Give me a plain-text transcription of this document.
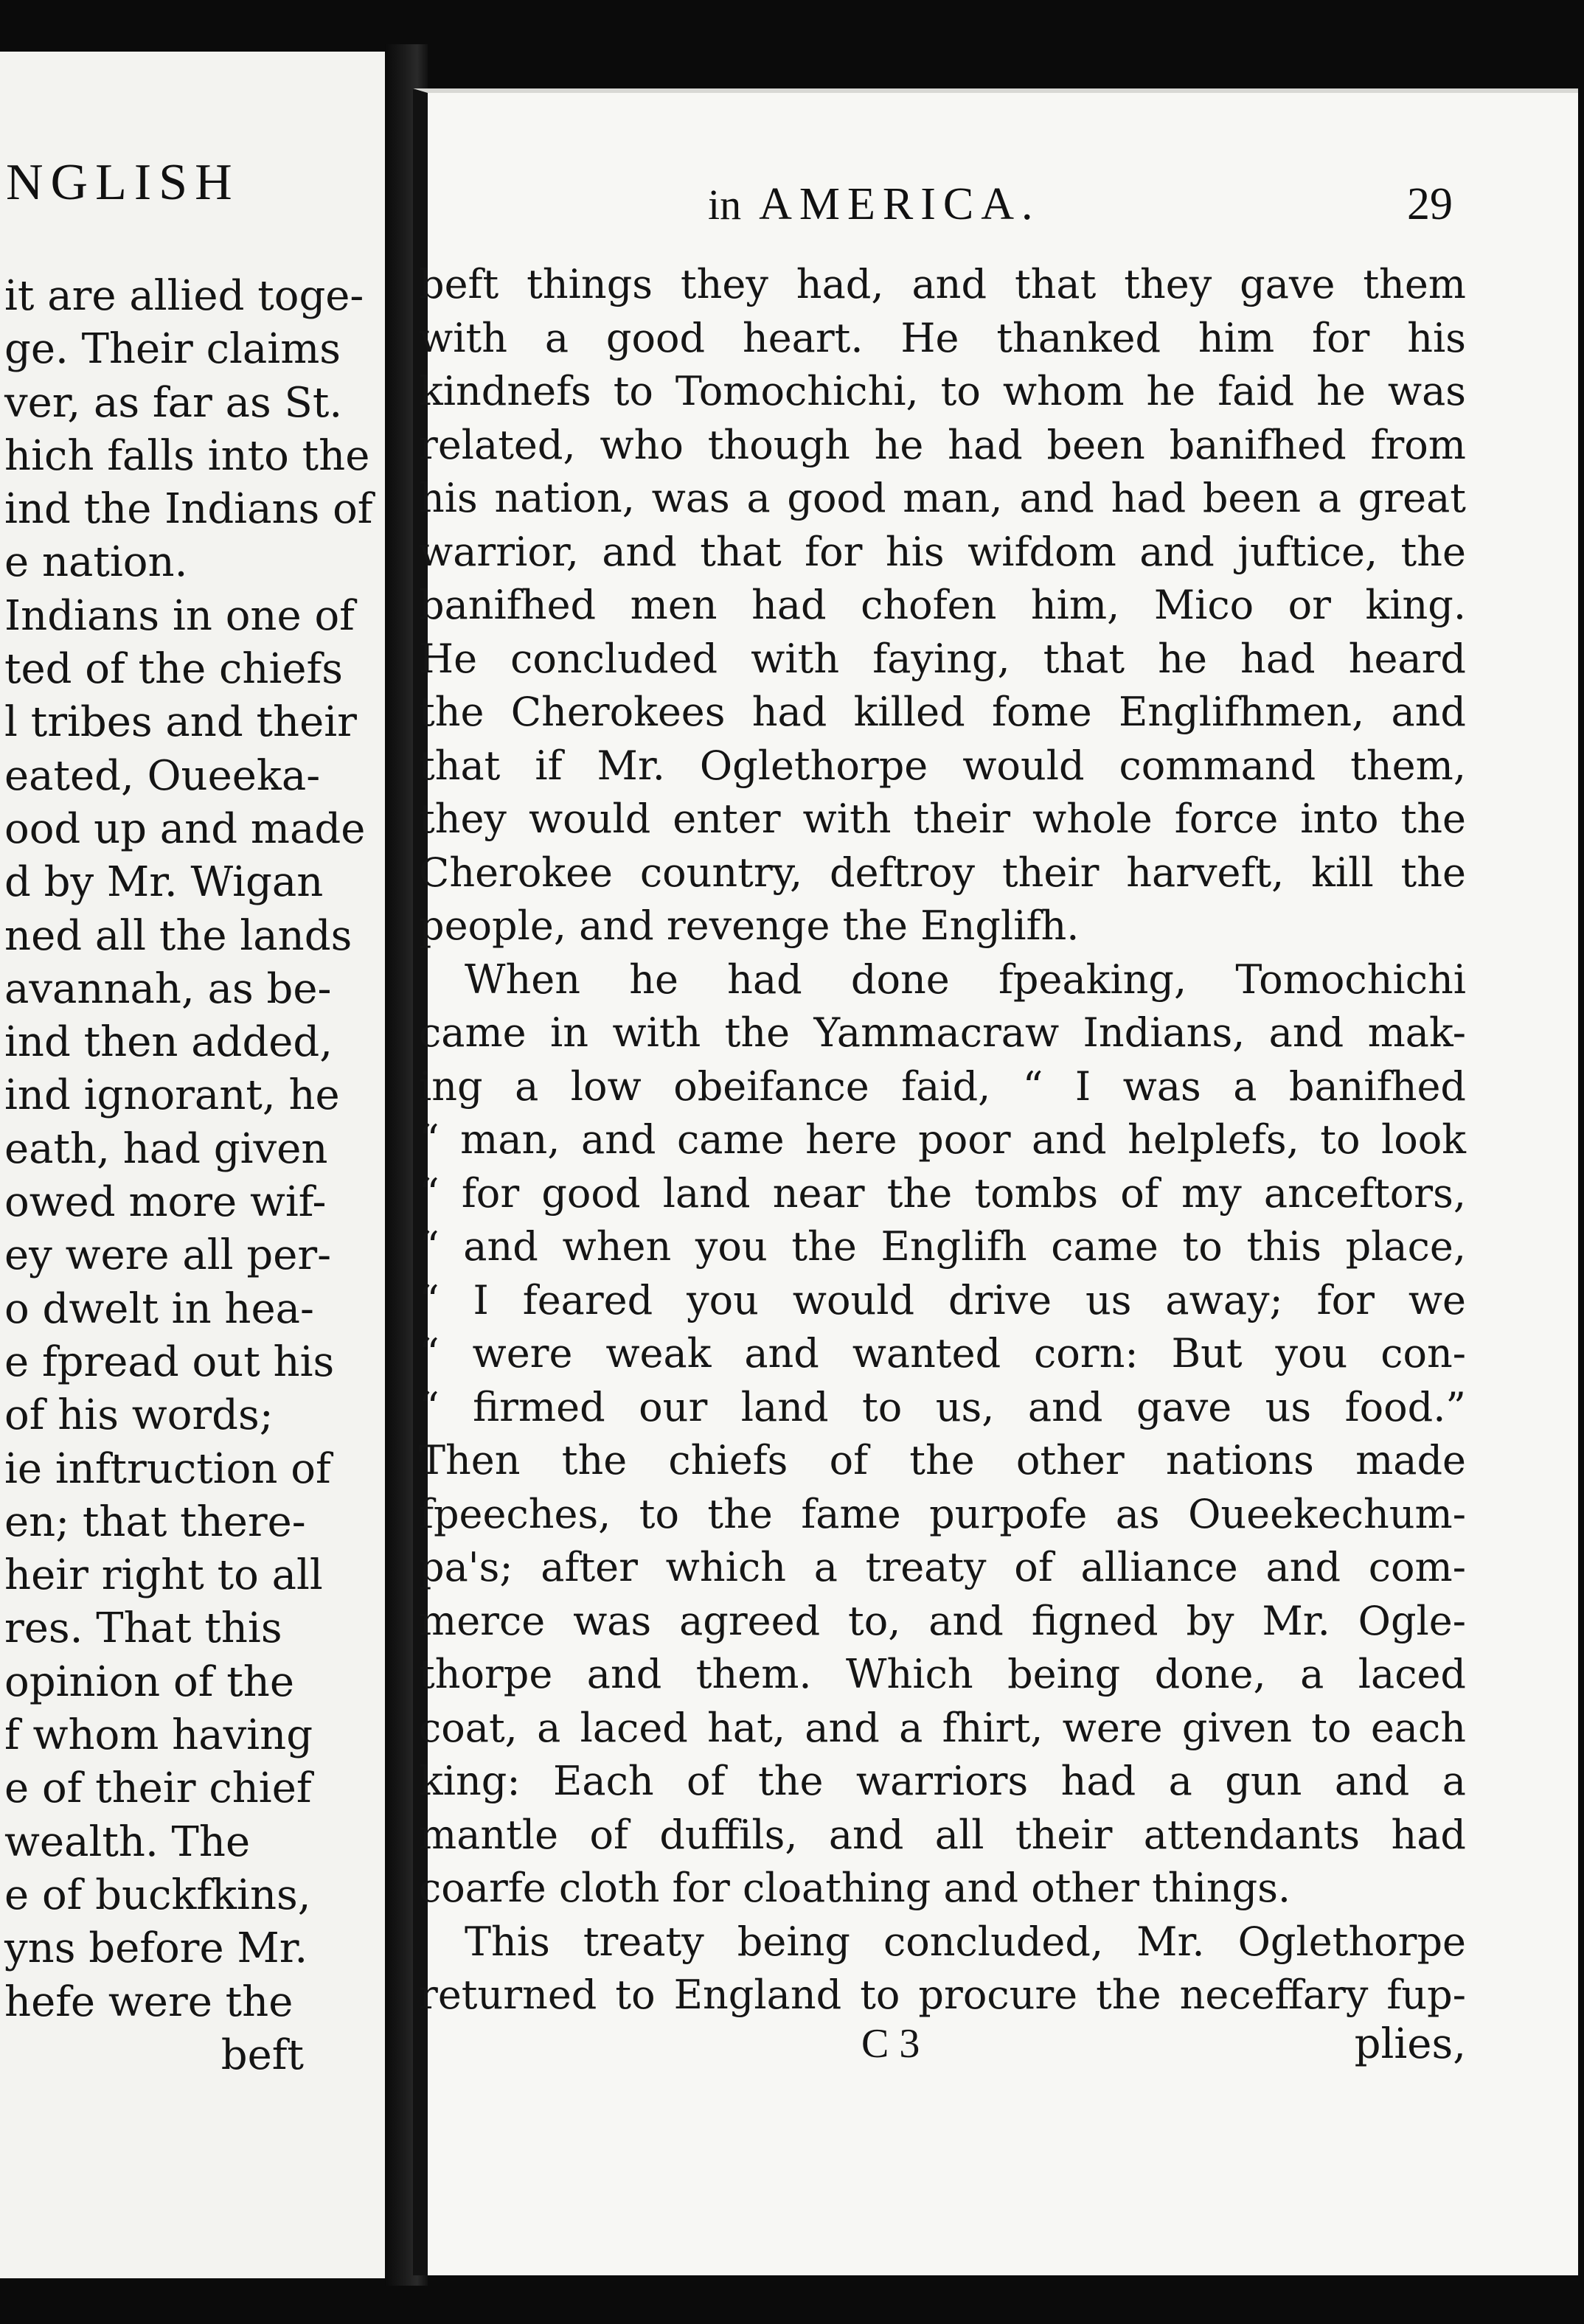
NGLISH
it are allied toge-
ge. Their claims
ver, as far as St.
hich falls into the
ind the Indians of
e nation.
Indians in one of
ted of the chiefs
l tribes and their
eated, Oueeka-
ood up and made
d by Mr. Wigan
ned all the lands
avannah, as be-
ind then added,
ind ignorant, he
eath, had given
owed more wif-
ey were all per-
o dwelt in hea-
e fpread out his
of his words;
ie inftruction of
en; that there-
heir right to all
res. That this
opinion of the
f whom having
e of their chief
wealth. The
e of buckfkins,
yns before Mr.
hefe were the
beft
in AMERICA.	29
beft things they had, and that they gave them
with a good heart. He thanked him for his
kindnefs to Tomochichi, to whom he faid he was
related, who though he had been banifhed from
his nation, was a good man, and had been a great
warrior, and that for his wifdom and juftice, the
banifhed men had chofen him, Mico or king.
He concluded with faying, that he had heard
the Cherokees had killed fome Englifhmen, and
that if Mr. Oglethorpe would command them,
they would enter with their whole force into the
Cherokee country, deftroy their harveft, kill the
people, and revenge the Englifh.
When he had done fpeaking, Tomochichi
came in with the Yammacraw Indians, and mak-
ing a low obeifance faid, “ I was a banifhed
“ man, and came here poor and helplefs, to look
“ for good land near the tombs of my anceftors,
“ and when you the Englifh came to this place,
“ I feared you would drive us away; for we
“ were weak and wanted corn: But you con-
“ firmed our land to us, and gave us food.”
Then the chiefs of the other nations made
fpeeches, to the fame purpofe as Oueekechum-
pa's; after which a treaty of alliance and com-
merce was agreed to, and figned by Mr. Ogle-
thorpe and them. Which being done, a laced
coat, a laced hat, and a fhirt, were given to each
king: Each of the warriors had a gun and a
mantle of duffils, and all their attendants had
coarfe cloth for cloathing and other things.
This treaty being concluded, Mr. Oglethorpe
returned to England to procure the neceffary fup-
C 3	plies,
